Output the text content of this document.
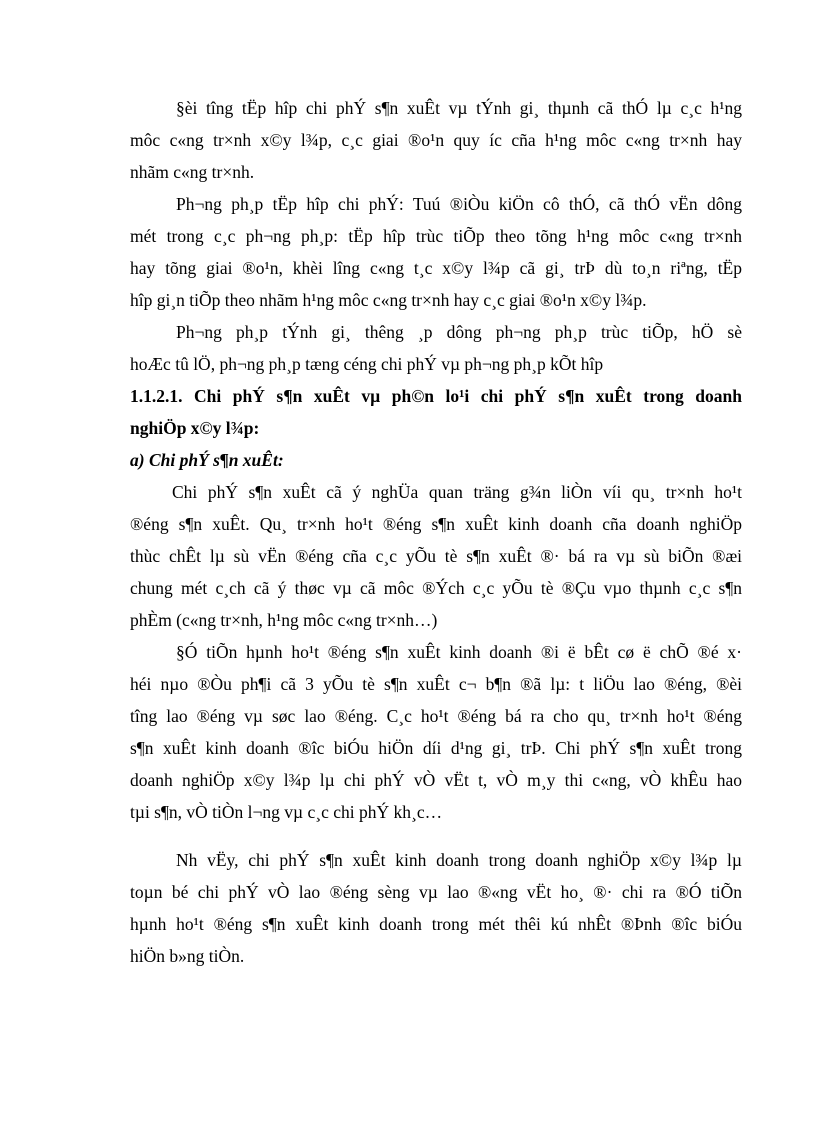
§èi tîng tËp hîp chi phÝ s¶n xuÊt vµ tÝnh gi¸ thµnh cã thÓ lµ c¸c h¹ng
môc c«ng tr×nh x©y l¾p, c¸c giai ®o¹n quy íc cña h¹ng môc c«ng tr×nh hay
nhãm c«ng tr×nh.
Ph¬ng ph¸p tËp hîp chi phÝ: Tuú ®iÒu kiÖn cô thÓ, cã thÓ vËn dông
mét trong c¸c ph¬ng ph¸p: tËp hîp trùc tiÕp theo tõng h¹ng môc c«ng tr×nh
hay tõng giai ®o¹n, khèi lîng c«ng t¸c x©y l¾p cã gi¸ trÞ dù to¸n riªng, tËp
hîp gi¸n tiÕp theo nhãm h¹ng môc c«ng tr×nh hay c¸c giai ®o¹n x©y l¾p.
Ph¬ng ph¸p tÝnh gi¸ thêng ¸p dông ph¬ng ph¸p trùc tiÕp, hÖ sè
hoÆc tû lÖ, ph¬ng ph¸p tæng céng chi phÝ vµ ph¬ng ph¸p kÕt hîp
1.1.2.1. Chi phÝ s¶n xuÊt vµ ph©n lo¹i chi phÝ s¶n xuÊt trong doanh
nghiÖp x©y l¾p:
a) Chi phÝ s¶n xuÊt:
Chi phÝ s¶n xuÊt cã ý nghÜa quan träng g¾n liÒn víi qu¸ tr×nh ho¹t
®éng s¶n xuÊt. Qu¸ tr×nh ho¹t ®éng s¶n xuÊt kinh doanh cña doanh nghiÖp
thùc chÊt lµ sù vËn ®éng cña c¸c yÕu tè s¶n xuÊt ®· bá ra vµ sù biÕn ®æi
chung mét c¸ch cã ý thøc vµ cã môc ®Ých c¸c yÕu tè ®Çu vµo thµnh c¸c s¶n
phÈm (c«ng tr×nh, h¹ng môc c«ng tr×nh…)
§Ó tiÕn hµnh ho¹t ®éng s¶n xuÊt kinh doanh ®i ë bÊt cø ë chÕ ®é x·
héi nµo ®Òu ph¶i cã 3 yÕu tè s¶n xuÊt c¬ b¶n ®ã lµ: t liÖu lao ®éng, ®èi
tîng lao ®éng vµ søc lao ®éng. C¸c ho¹t ®éng bá ra cho qu¸ tr×nh ho¹t ®éng
s¶n xuÊt kinh doanh ®îc biÓu hiÖn díi d¹ng gi¸ trÞ. Chi phÝ s¶n xuÊt trong
doanh nghiÖp x©y l¾p lµ chi phÝ vÒ vËt t, vÒ m¸y thi c«ng, vÒ khÊu hao
tµi s¶n, vÒ tiÒn l¬ng vµ c¸c chi phÝ kh¸c…
Nh vËy, chi phÝ s¶n xuÊt kinh doanh trong doanh nghiÖp x©y l¾p lµ
toµn bé chi phÝ vÒ lao ®éng sèng vµ lao ®«ng vËt ho¸ ®· chi ra ®Ó tiÕn
hµnh ho¹t ®éng s¶n xuÊt kinh doanh trong mét thêi kú nhÊt ®Þnh ®îc biÓu
hiÖn b»ng tiÒn.
